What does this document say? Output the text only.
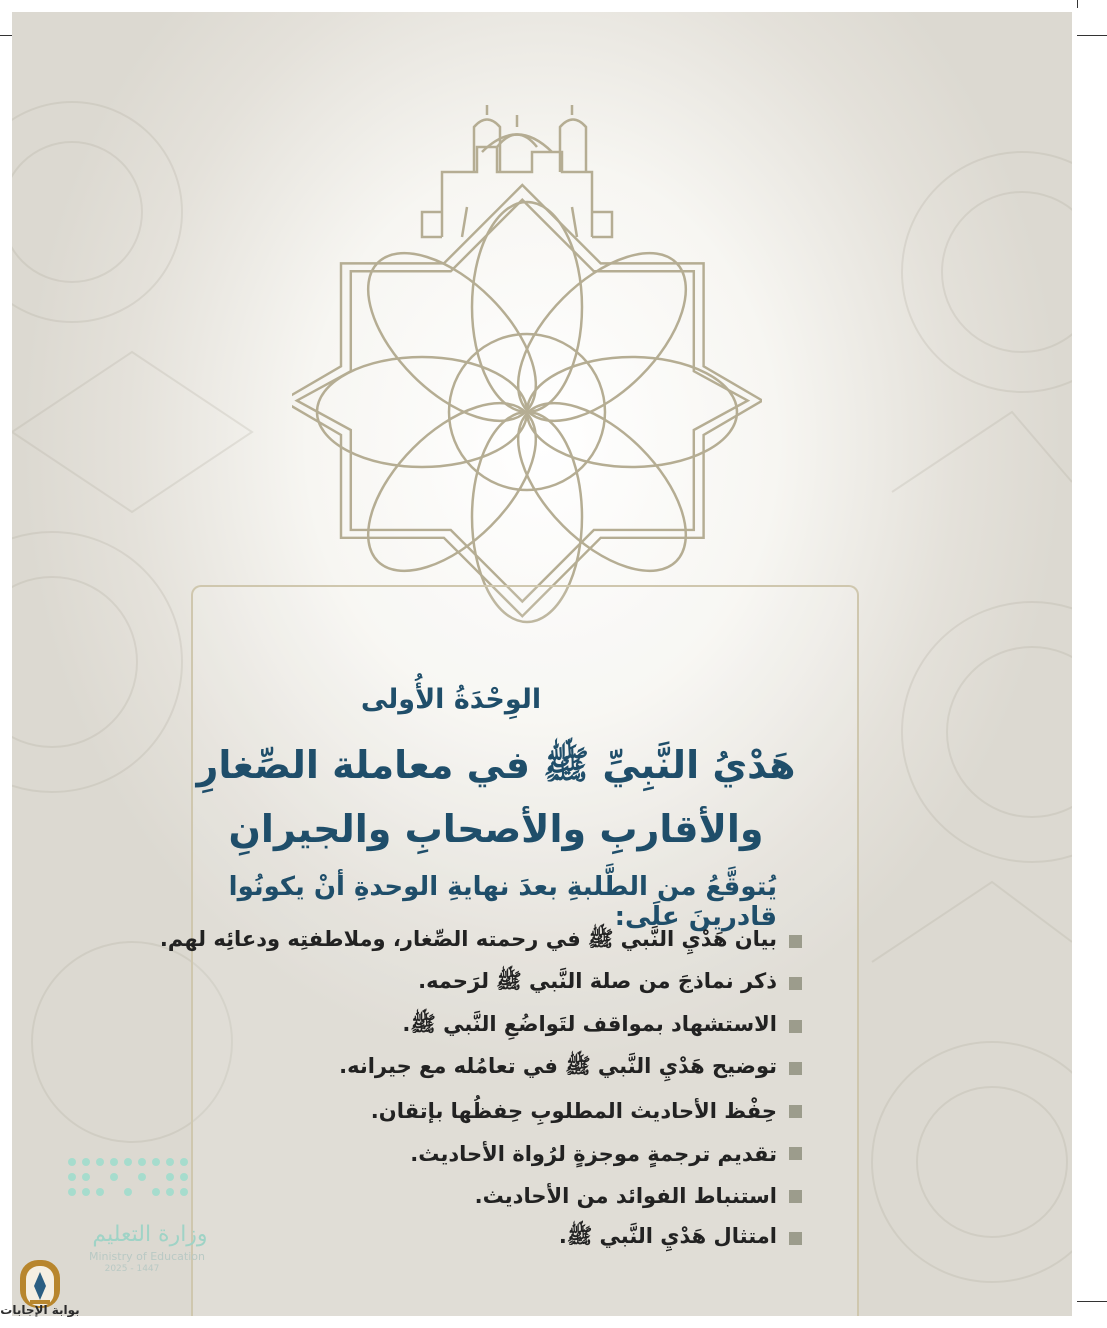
الوِحْدَةُ الأُولى
هَدْيُ النَّبِيِّ ﷺ في معاملة الصِّغارِ
والأقاربِ والأصحابِ والجيرانِ
يُتوقَّعُ من الطَّلبةِ بعدَ نهايةِ الوحدةِ أنْ يكونُوا قادرينَ علَى:
بيان هَدْيِ النَّبي ﷺ في رحمته الصِّغار، وملاطفتِه ودعائِه لهم.
ذكر نماذجَ من صلة النَّبي ﷺ لرَحمه.
الاستشهاد بمواقف لتَواضُعِ النَّبي ﷺ.
توضيح هَدْيِ النَّبي ﷺ في تعامُله مع جيرانه.
حِفْظ الأحاديث المطلوبِ حِفظُها بإتقان.
تقديم ترجمةٍ موجزةٍ لرُواة الأحاديث.
استنباط الفوائد من الأحاديث.
امتثال هَدْيِ النَّبي ﷺ.
وزارة التعليم
Ministry of Education
2025 - 1447
بوابة الإجابات
